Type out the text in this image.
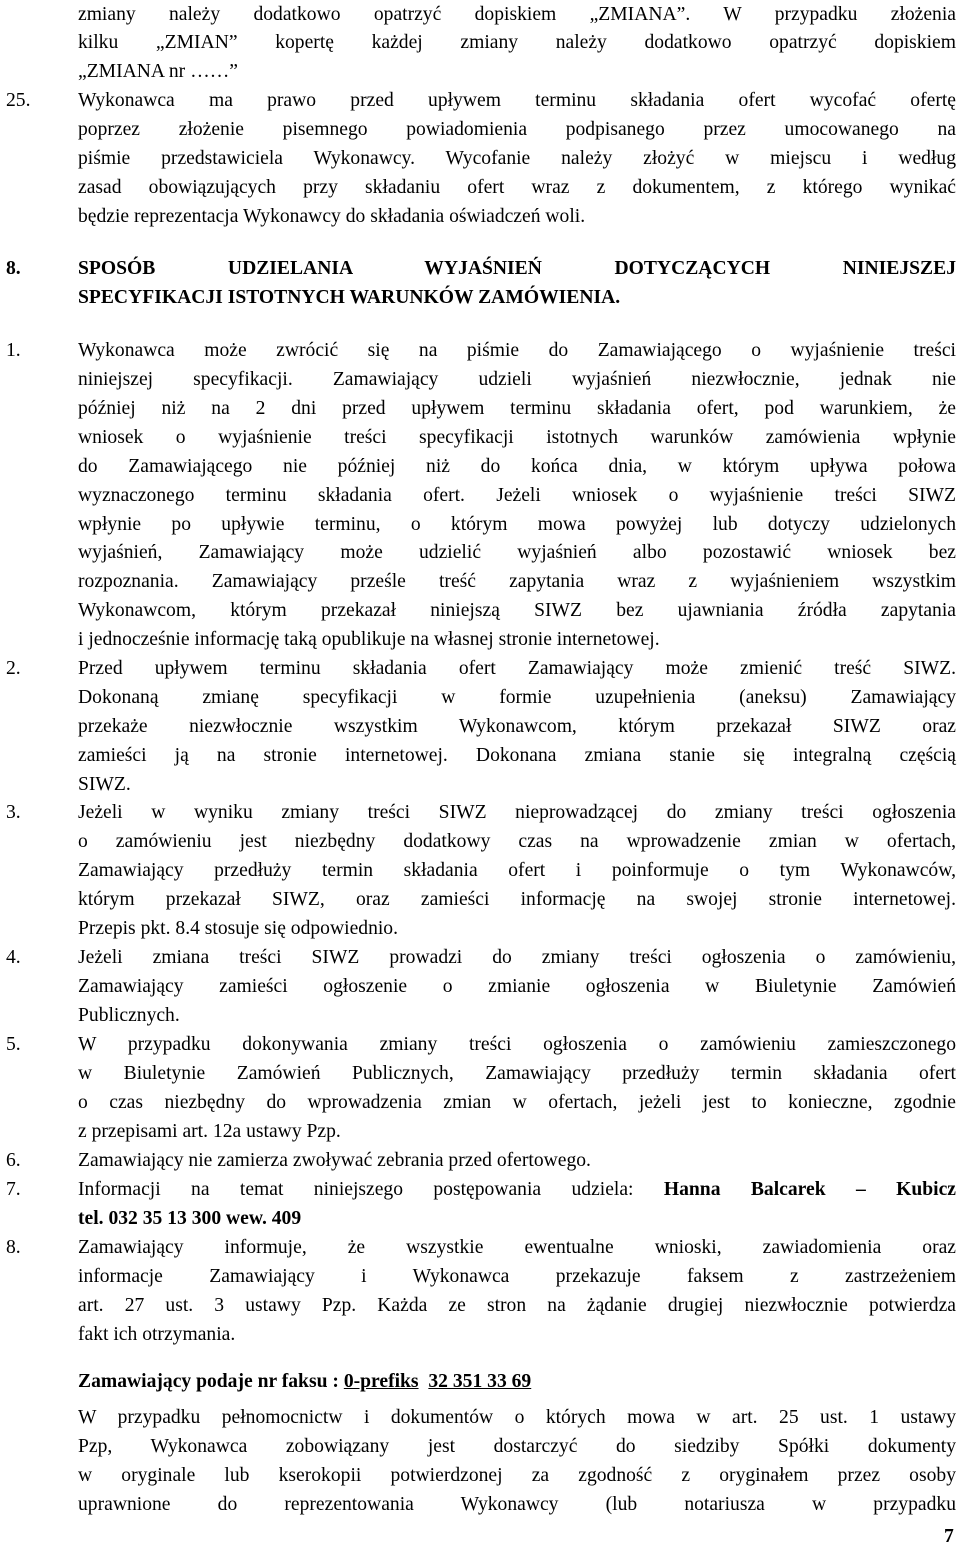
zmiany należy dodatkowo opatrzyć dopiskiem „ZMIANA”. W przypadku złożenia
kilku „ZMIAN” kopertę każdej zmiany należy dodatkowo opatrzyć dopiskiem
„ZMIANA nr ……”
25. Wykonawca ma prawo przed upływem terminu składania ofert wycofać ofertę
poprzez złożenie pisemnego powiadomienia podpisanego przez umocowanego na
piśmie przedstawiciela Wykonawcy. Wycofanie należy złożyć w miejscu i według
zasad obowiązujących przy składaniu ofert wraz z dokumentem, z którego wynikać
będzie reprezentacja Wykonawcy do składania oświadczeń woli.
8.	SPOSÓB UDZIELANIA WYJAŚNIEŃ DOTYCZĄCYCH NINIEJSZEJ
SPECYFIKACJI ISTOTNYCH WARUNKÓW ZAMÓWIENIA.
1.	Wykonawca może zwrócić się na piśmie do Zamawiającego o wyjaśnienie treści
niniejszej specyfikacji. Zamawiający udzieli wyjaśnień niezwłocznie, jednak nie
później niż na 2 dni przed upływem terminu składania ofert, pod warunkiem, że
wniosek o wyjaśnienie treści specyfikacji istotnych warunków zamówienia wpłynie
do Zamawiającego nie później niż do końca dnia, w którym upływa połowa
wyznaczonego terminu składania ofert. Jeżeli wniosek o wyjaśnienie treści SIWZ
wpłynie po upływie terminu, o którym mowa powyżej lub dotyczy udzielonych
wyjaśnień, Zamawiający może udzielić wyjaśnień albo pozostawić wniosek bez
rozpoznania. Zamawiający prześle treść zapytania wraz z wyjaśnieniem wszystkim
Wykonawcom, którym przekazał niniejszą SIWZ bez ujawniania źródła zapytania
i jednocześnie informację taką opublikuje na własnej stronie internetowej.
2.	Przed upływem terminu składania ofert Zamawiający może zmienić treść SIWZ.
Dokonaną zmianę specyfikacji w formie uzupełnienia (aneksu) Zamawiający
przekaże niezwłocznie wszystkim Wykonawcom, którym przekazał SIWZ oraz
zamieści ją na stronie internetowej. Dokonana zmiana stanie się integralną częścią
SIWZ.
3.	Jeżeli w wyniku zmiany treści SIWZ nieprowadzącej do zmiany treści ogłoszenia
o zamówieniu jest niezbędny dodatkowy czas na wprowadzenie zmian w ofertach,
Zamawiający przedłuży termin składania ofert i poinformuje o tym Wykonawców,
którym przekazał SIWZ, oraz zamieści informację na swojej stronie internetowej.
Przepis pkt. 8.4 stosuje się odpowiednio.
4.	Jeżeli zmiana treści SIWZ prowadzi do zmiany treści ogłoszenia o zamówieniu,
Zamawiający zamieści ogłoszenie o zmianie ogłoszenia w Biuletynie Zamówień
Publicznych.
5.	W przypadku dokonywania zmiany treści ogłoszenia o zamówieniu zamieszczonego
w Biuletynie Zamówień Publicznych, Zamawiający przedłuży termin składania ofert
o czas niezbędny do wprowadzenia zmian w ofertach, jeżeli jest to konieczne, zgodnie
z przepisami art. 12a ustawy Pzp.
6.	Zamawiający nie zamierza zwoływać zebrania przed ofertowego.
7.	Informacji na temat niniejszego postępowania udziela: Hanna Balcarek – Kubicz
tel. 032 35 13 300 wew. 409
8.	Zamawiający informuje, że wszystkie ewentualne wnioski, zawiadomienia oraz
informacje Zamawiający i Wykonawca przekazuje faksem z zastrzeżeniem
art. 27 ust. 3 ustawy Pzp. Każda ze stron na żądanie drugiej niezwłocznie potwierdza
fakt ich otrzymania.
Zamawiający podaje nr faksu : 0-prefiks 32 351 33 69
W przypadku pełnomocnictw i dokumentów o których mowa w art. 25 ust. 1 ustawy
Pzp, Wykonawca zobowiązany jest dostarczyć do siedziby Spółki dokumenty
w oryginale lub kserokopii potwierdzonej za zgodność z oryginałem przez osoby
uprawnione do reprezentowania Wykonawcy (lub notariusza w przypadku
7
